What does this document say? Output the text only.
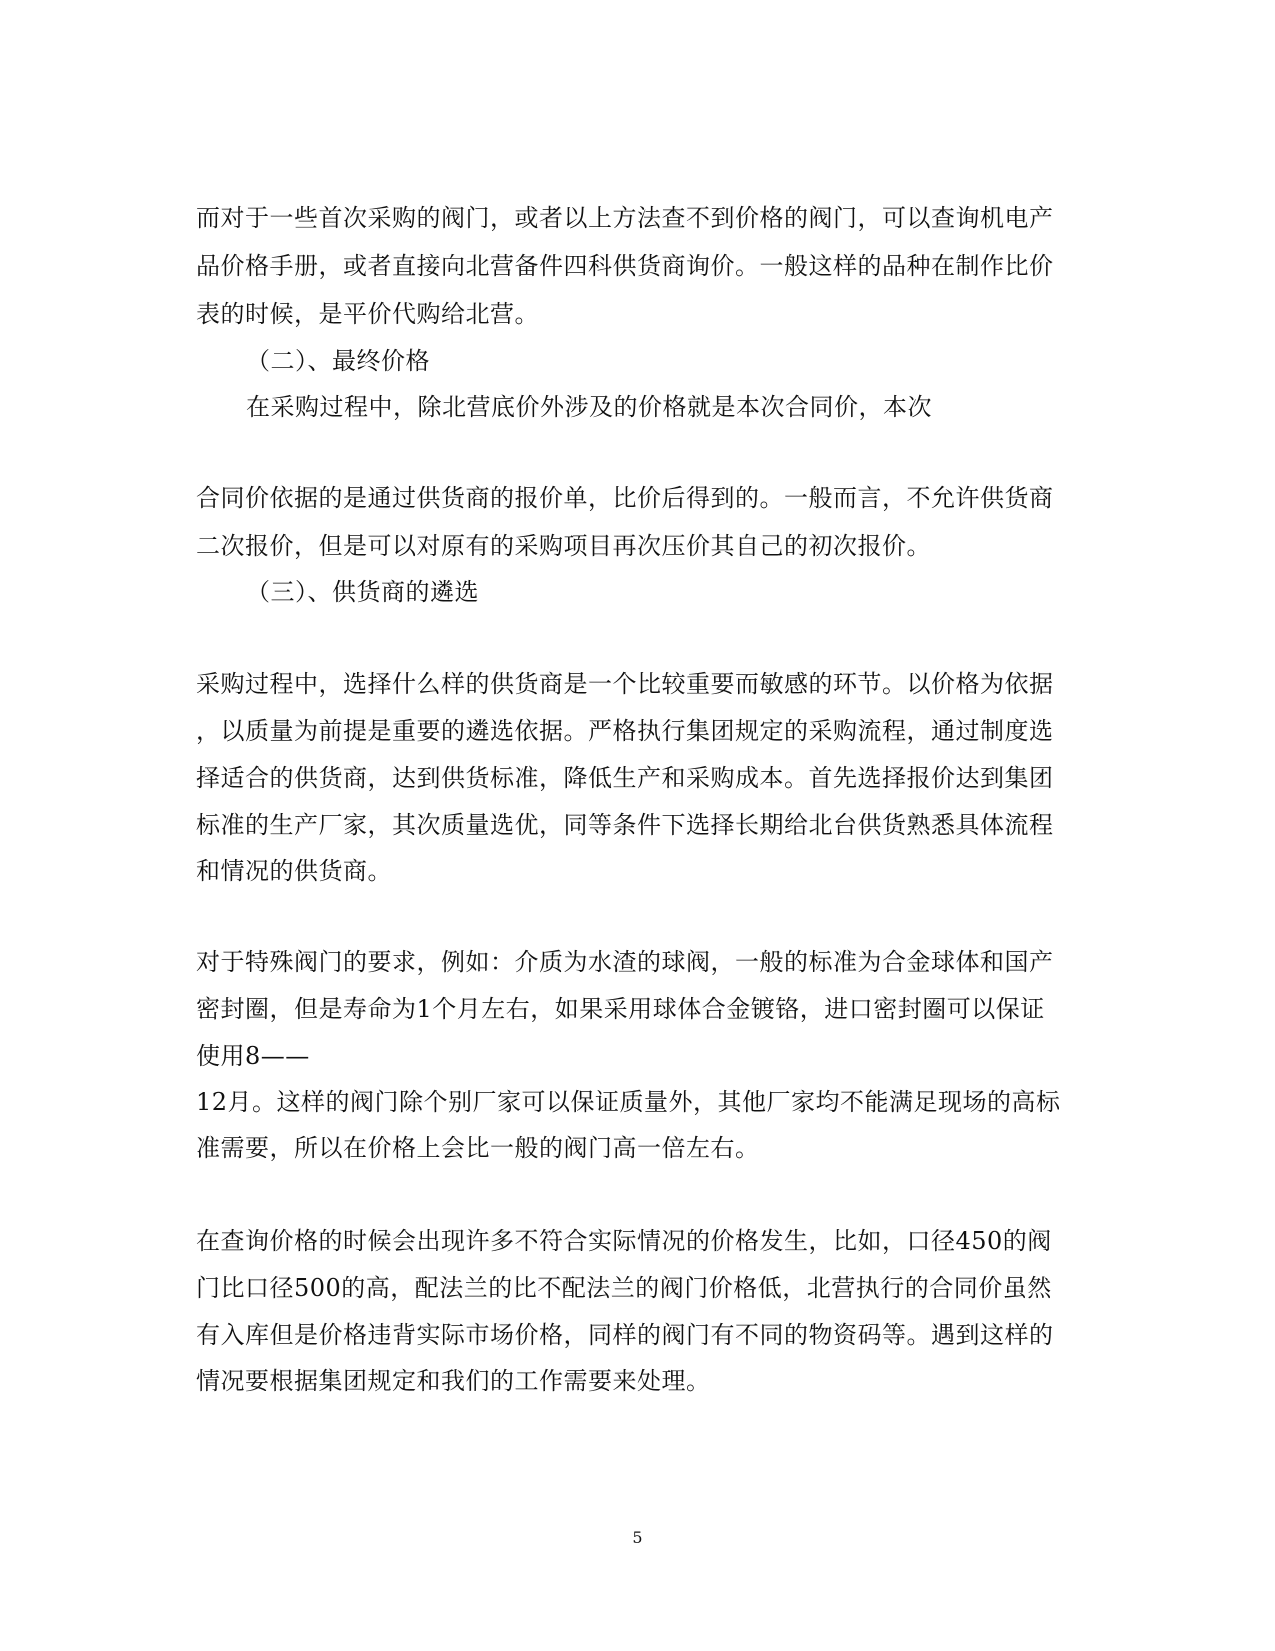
而对于一些首次采购的阀门，或者以上方法查不到价格的阀门，可以查询机电产
品价格手册，或者直接向北营备件四科供货商询价。一般这样的品种在制作比价
表的时候，是平价代购给北营。
（二）、最终价格
在采购过程中，除北营底价外涉及的价格就是本次合同价，本次
合同价依据的是通过供货商的报价单，比价后得到的。一般而言，不允许供货商
二次报价，但是可以对原有的采购项目再次压价其自己的初次报价。
（三）、供货商的遴选
采购过程中，选择什么样的供货商是一个比较重要而敏感的环节。以价格为依据
，以质量为前提是重要的遴选依据。严格执行集团规定的采购流程，通过制度选
择适合的供货商，达到供货标准，降低生产和采购成本。首先选择报价达到集团
标准的生产厂家，其次质量选优，同等条件下选择长期给北台供货熟悉具体流程
和情况的供货商。
对于特殊阀门的要求，例如：介质为水渣的球阀，一般的标准为合金球体和国产
密封圈，但是寿命为1个月左右，如果采用球体合金镀铬，进口密封圈可以保证
使用8——
12月。这样的阀门除个别厂家可以保证质量外，其他厂家均不能满足现场的高标
准需要，所以在价格上会比一般的阀门高一倍左右。
在查询价格的时候会出现许多不符合实际情况的价格发生，比如，口径450的阀
门比口径500的高，配法兰的比不配法兰的阀门价格低，北营执行的合同价虽然
有入库但是价格违背实际市场价格，同样的阀门有不同的物资码等。遇到这样的
情况要根据集团规定和我们的工作需要来处理。
5
